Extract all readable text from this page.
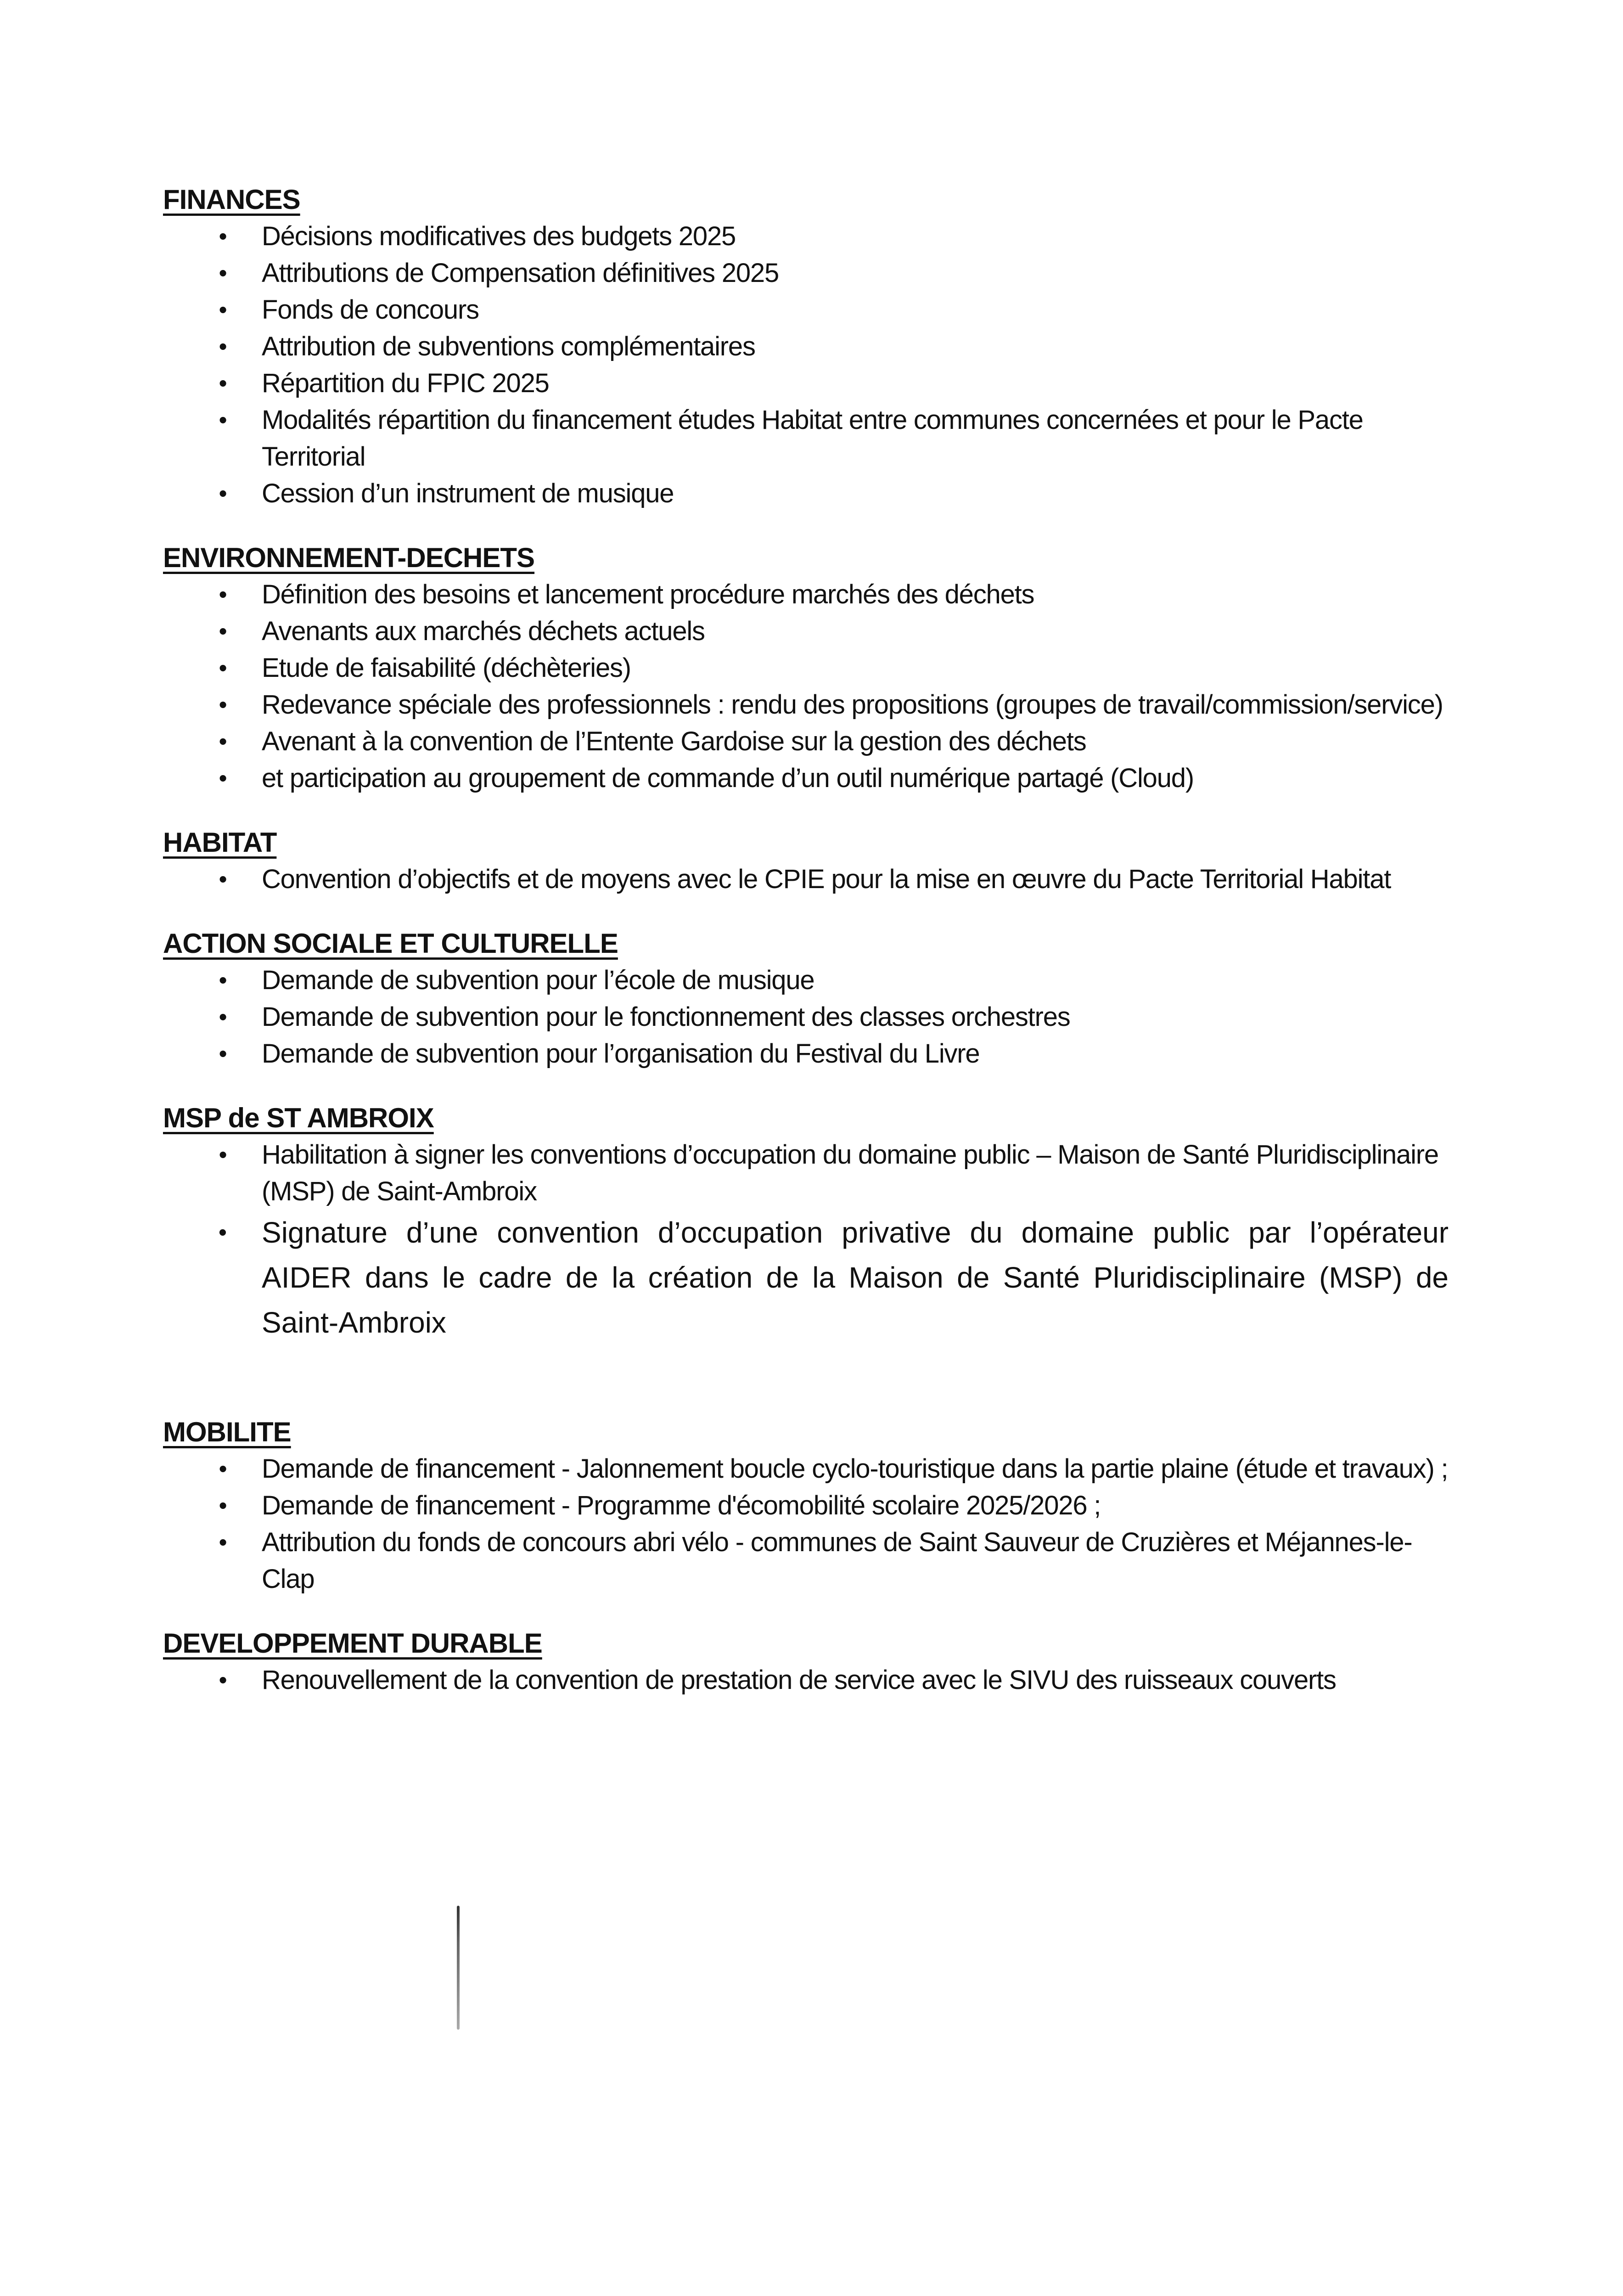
FINANCES
• Décisions modificatives des budgets 2025
• Attributions de Compensation définitives 2025
• Fonds de concours
• Attribution de subventions complémentaires
• Répartition du FPIC 2025
• Modalités répartition du financement études Habitat entre communes concernées et pour le Pacte Territorial
• Cession d’un instrument de musique
ENVIRONNEMENT-DECHETS
• Définition des besoins et lancement procédure marchés des déchets
• Avenants aux marchés déchets actuels
• Etude de faisabilité (déchèteries)
• Redevance spéciale des professionnels : rendu des propositions (groupes de travail/commission/service)
• Avenant à la convention de l’Entente Gardoise sur la gestion des déchets
• et participation au groupement de commande d’un outil numérique partagé (Cloud)
HABITAT
• Convention d’objectifs et de moyens avec le CPIE pour la mise en œuvre du Pacte Territorial Habitat
ACTION SOCIALE ET CULTURELLE
• Demande de subvention pour l’école de musique
• Demande de subvention pour le fonctionnement des classes orchestres
• Demande de subvention pour l’organisation du Festival du Livre
MSP de ST AMBROIX
• Habilitation à signer les conventions d’occupation du domaine public – Maison de Santé Pluridisciplinaire (MSP) de Saint-Ambroix
• Signature d’une convention d’occupation privative du domaine public par l’opérateur AIDER dans le cadre de la création de la Maison de Santé Pluridisciplinaire (MSP) de Saint-Ambroix
MOBILITE
• Demande de financement - Jalonnement boucle cyclo-touristique dans la partie plaine (étude et travaux) ;
• Demande de financement - Programme d'écomobilité scolaire 2025/2026 ;
• Attribution du fonds de concours abri vélo - communes de Saint Sauveur de Cruzières et Méjannes-le-Clap
DEVELOPPEMENT DURABLE
• Renouvellement de la convention de prestation de service avec le SIVU des ruisseaux couverts
